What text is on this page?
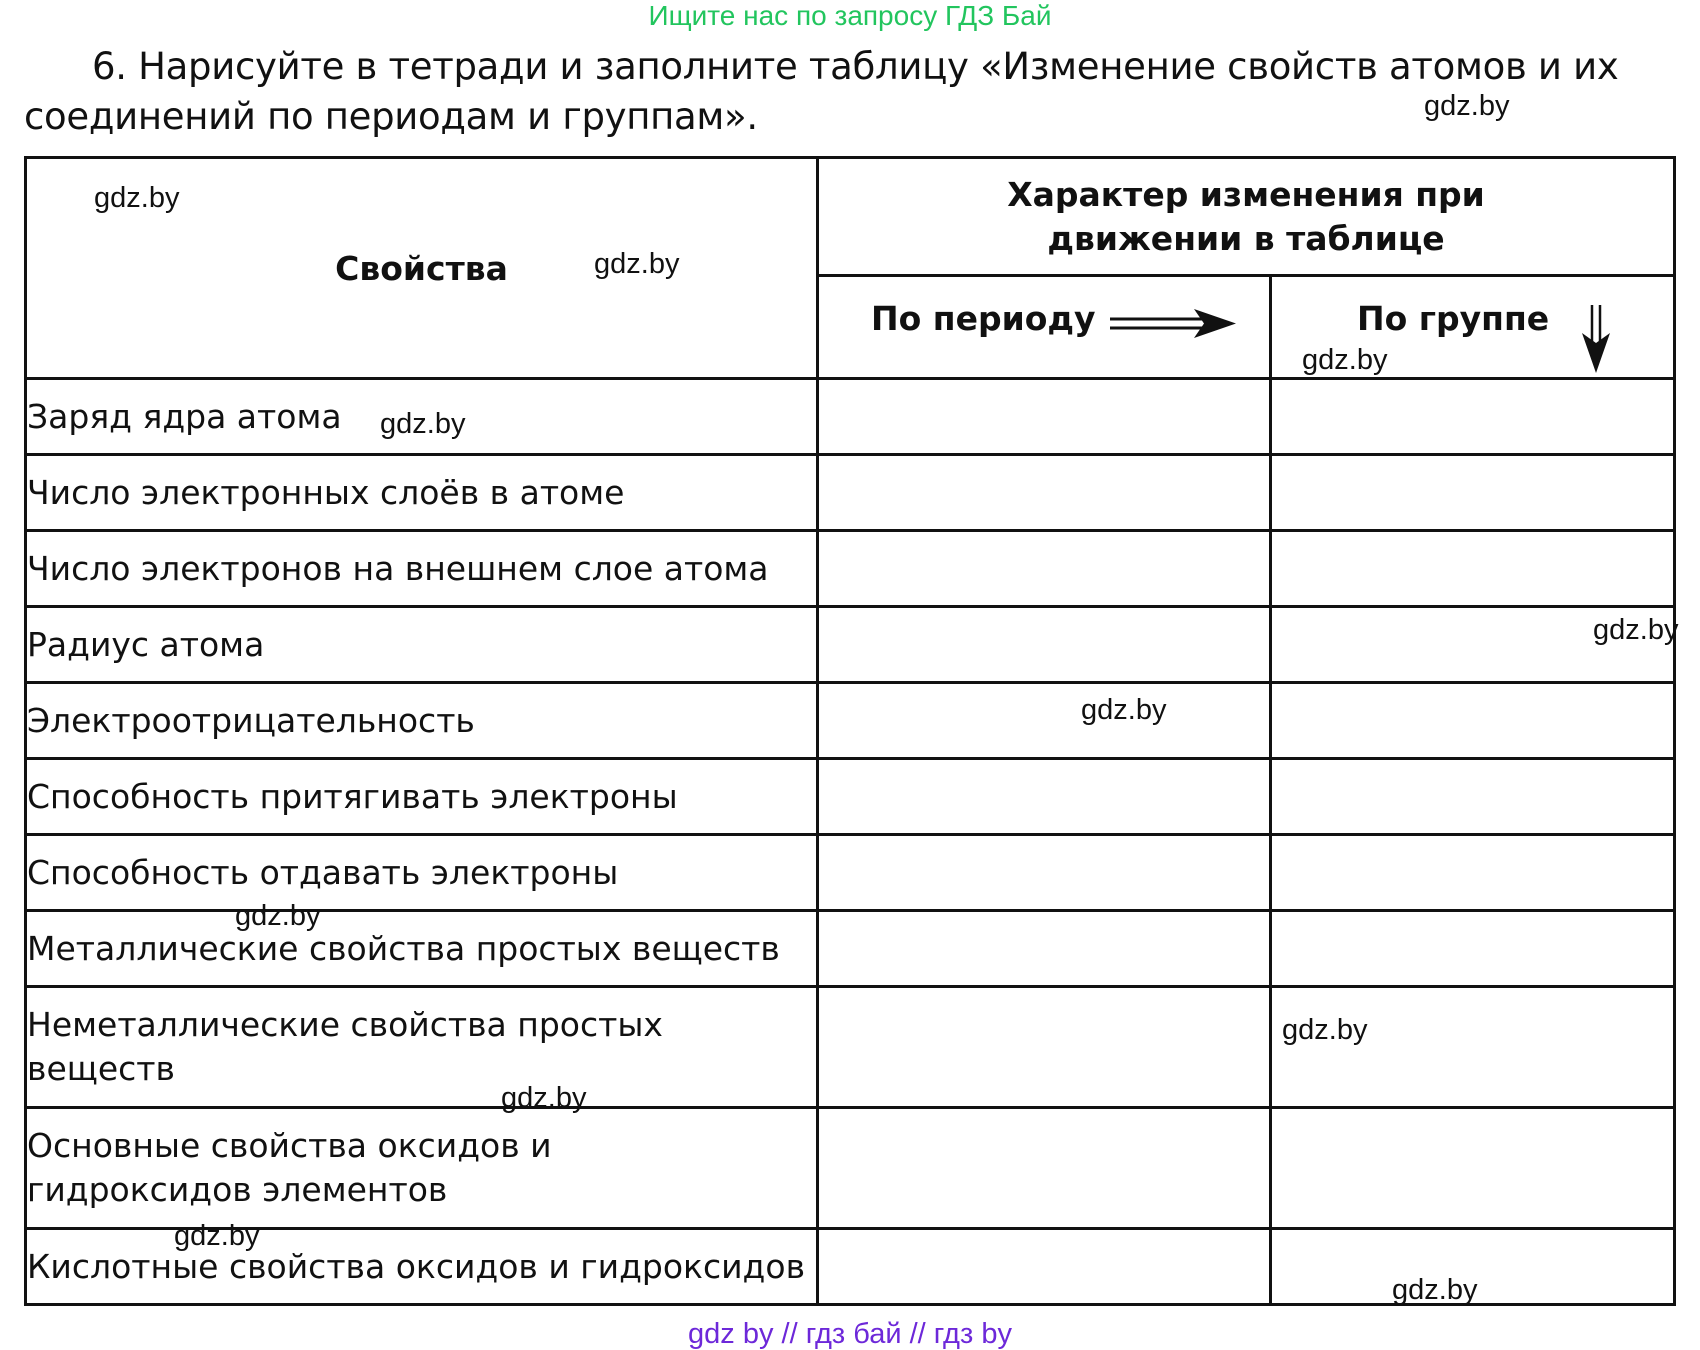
Ищите нас по запросу ГДЗ Бай
6. Нарисуйте в тетради и заполните таблицу «Изменение свойств атомов и их соединений по периодам и группам».
Свойства	Характер изменения при движении в таблице	

	По периоду	По группе

Заряд ядра атома		
Число электронных слоёв в атоме		
Число электронов на внешнем слое атома		
Радиус атома		
Электроотрицательность		
Способность притягивать электроны		
Способность отдавать электроны		
Металлические свойства простых веществ		

Неметаллические свойства простых веществ		

Основные свойства оксидов и гидроксидов элементов		

Кислотные свойства оксидов и гидроксидов		
gdz.by
gdz.by
gdz.by
gdz.by
gdz.by
gdz.by
gdz.by
gdz.by
gdz.by
gdz.by
gdz.by
gdz.by
gdz by // гдз бай // гдз by
